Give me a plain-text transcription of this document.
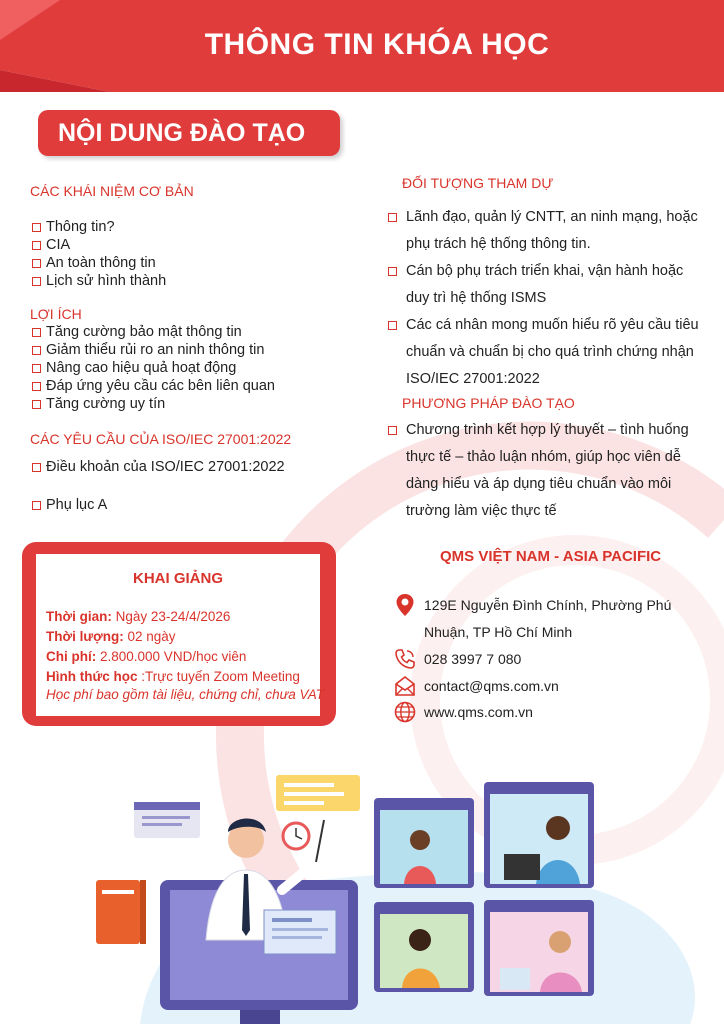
THÔNG TIN KHÓA HỌC
NỘI DUNG ĐÀO TẠO
CÁC KHÁI NIỆM CƠ BẢN
Thông tin?
CIA
An toàn thông tin
Lịch sử hình thành
LỢI ÍCH
Tăng cường bảo mật thông tin
Giảm thiểu rủi ro an ninh thông tin
Nâng cao hiệu quả hoạt động
Đáp ứng yêu cầu các bên liên quan
Tăng cường uy tín
CÁC YÊU CẦU CỦA ISO/IEC 27001:2022
Điều khoản của ISO/IEC 27001:2022
Phụ lục A
ĐỐI TƯỢNG THAM DỰ
Lãnh đạo, quản lý CNTT, an ninh mạng, hoặc
phụ trách hệ thống thông tin.
Cán bộ phụ trách triển khai, vận hành hoặc
duy trì hệ thống ISMS
Các cá nhân mong muốn hiểu rõ yêu cầu tiêu
chuẩn và chuẩn bị cho quá trình chứng nhận
ISO/IEC 27001:2022
PHƯƠNG PHÁP ĐÀO TẠO
Chương trình kết hợp lý thuyết – tình huống
thực tế – thảo luận nhóm, giúp học viên dễ
dàng hiểu và áp dụng tiêu chuẩn vào môi
trường làm việc thực tế
KHAI GIẢNG
Thời gian: Ngày 23-24/4/2026
Thời lượng: 02 ngày
Chi phí: 2.800.000 VND/học viên
Hình thức học :Trực tuyến Zoom Meeting
Học phí bao gồm tài liệu, chứng chỉ, chưa VAT
QMS VIỆT NAM - ASIA PACIFIC
129E Nguyễn Đình Chính, Phường Phú
Nhuận, TP Hồ Chí Minh
028 3997 7 080
contact@qms.com.vn
www.qms.com.vn
